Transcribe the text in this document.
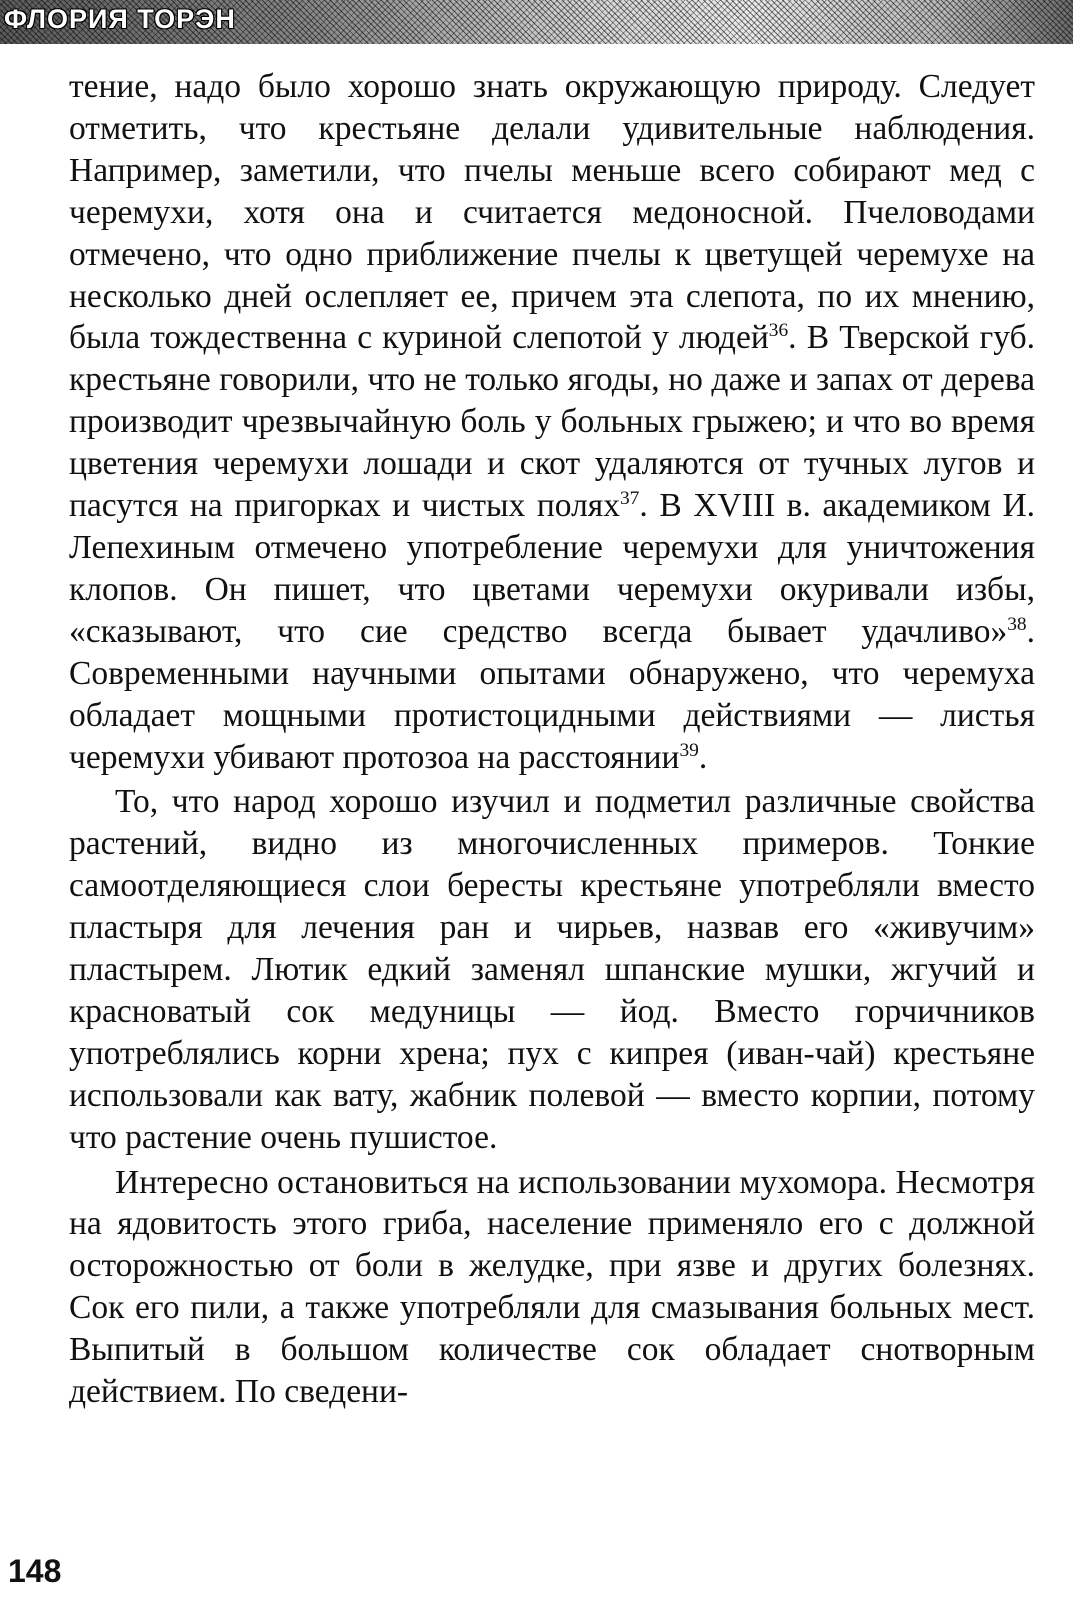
ФЛОРИЯ ТОРЭН

тение, надо было хорошо знать окружающую природу. Следует отметить, что крестьяне делали удивительные наблюдения. Например, заметили, что пчелы меньше всего собирают мед с черемухи, хотя она и считается медоносной. Пчеловодами отмечено, что одно приближение пчелы к цветущей черемухе на несколько дней ослепляет ее, причем эта слепота, по их мнению, была тождественна с куриной слепотой у людей$^{36}$. В Тверской губ. крестьяне говорили, что не только ягоды, но даже и запах от дерева производит чрезвычайную боль у больных грыжею; и что во время цветения черемухи лошади и скот удаляются от тучных лугов и пасутся на пригорках и чистых полях$^{37}$. В XVIII в. академиком И. Лепехиным отмечено употребление черемухи для уничтожения клопов. Он пишет, что цветами черемухи окуривали избы, «сказывают, что сие средство всегда бывает удачливо»$^{38}$. Современными научными опытами обнаружено, что черемуха обладает мощными протистоцидными действиями — листья черемухи убивают протозоа на расстоянии$^{39}$.

То, что народ хорошо изучил и подметил различные свойства растений, видно из многочисленных примеров. Тонкие самоотделяющиеся слои бересты крестьяне употребляли вместо пластыря для лечения ран и чирьев, назвав его «живучим» пластырем. Лютик едкий заменял шпанские мушки, жгучий и красноватый сок медуницы — йод. Вместо горчичников употреблялись корни хрена; пух с кипрея (иван-чай) крестьяне использовали как вату, жабник полевой — вместо корпии, потому что растение очень пушистое.

Интересно остановиться на использовании мухомора. Несмотря на ядовитость этого гриба, население применяло его с должной осторожностью от боли в желудке, при язве и других болезнях. Сок его пили, а также употребляли для смазывания больных мест. Выпитый в большом количестве сок обладает снотворным действием. По сведени-

148
